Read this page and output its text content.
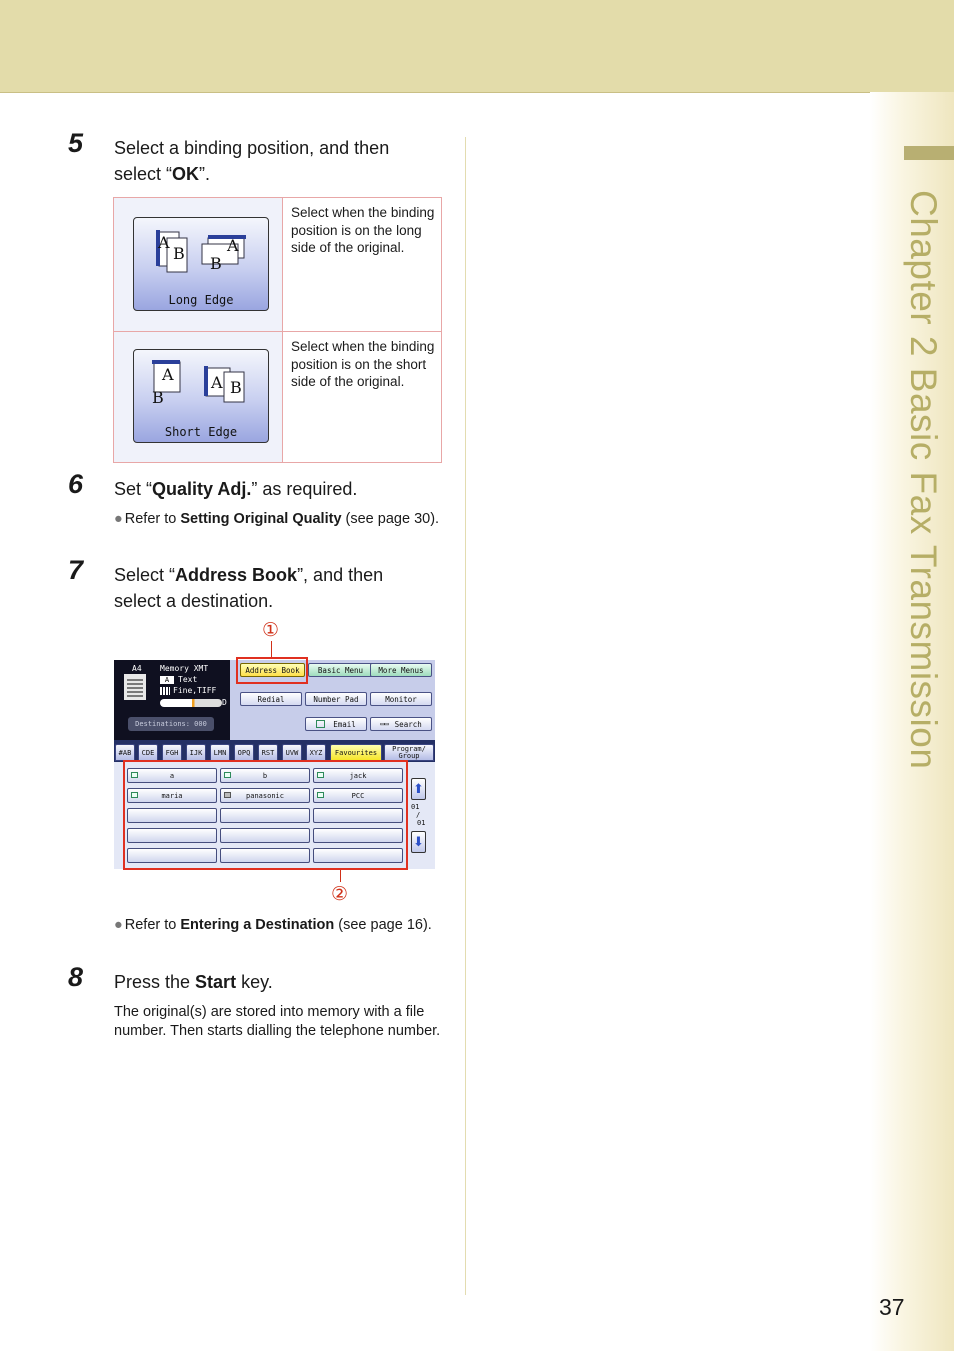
Chapter 2 Basic Fax Transmission
5 Select a binding position, and then select “OK”.
A
B	A
B
Long Edge
Select when the binding position is on the long side of the original.
A
B
A B
Short Edge
Select when the binding position is on the short side of the original.
6 Set “Quality Adj.” as required.
● Refer to Setting Original Quality (see page 30).
7 Select “Address Book”, and then select a destination.
①
A4 Memory XMT
A	Text
Fine,TIFF
D
Destinations: 000
Address Book	Basic Menu	More Menus
Redial	Number Pad	Monitor
Email	▭▭ Search
#AB	CDE	FGH	IJK	LMN	OPQ	RST	UVW	XYZ	Favourites	Program/
Group
a	b	jack
maria	panasonic	PCC	⬆
01
/
01
⬇
②
● Refer to Entering a Destination (see page 16).
8 Press the Start key.
The original(s) are stored into memory with a file number. Then starts dialling the telephone number.
37
